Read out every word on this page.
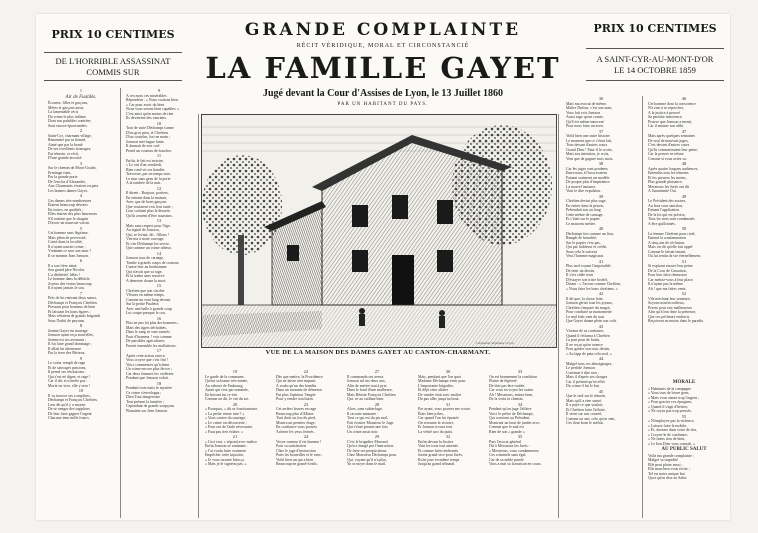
PRIX 10 CENTIMES	PRIX 10 CENTIMES
DE L'HORRIBLE ASSASSINAT
COMMIS SUR
A SAINT-CYR-AU-MONT-D'OR
LE 14 OCTOBRE 1859
GRANDE COMPLAINTE
RÉCIT VÉRIDIQUE, MORAL ET CIRCONSTANCIÉ
LA FAMILLE GAYET
Jugé devant la Cour d'Assises de Lyon, le 13 Juillet 1860
PAR UN HABITANT DU PAYS.
1
Air de Fualdès.
Écoutez, filles et garçons,
Mères et garçons aussi,
La lamentable récit
Du crime le plus infâme,
Dont nos paisibles contrées
Sont encore épouvantées.
2
Saint-Cyr, charmant village,
Renommé par sa beauté,
Aimé que par la bonté
De ses excellents fromages,
Fut témoin, ce récit,
D'une grande atrocité.
3
Sur le chemin de Mont-Goulet,
Ermitage riant,
Par la grande porte
De l'enclos d'Alexandre,
Aux Charmants vivaient en paix
Les bonnes dames Gayet.
4
Ces dames très-nombreuses
Étaient beaucoup dévotes
En toutes, en qualités ;
Elles étaient des plus heureuses
S'il avaient que le chagrin
D'avoir un mauvais voisin.
5
Cet homme sans légitime,
Mais plein de perversité,
Conté dans la localité,
Il n'ayant narrait crime ;
Vraiment ce sera son nom ?
Il se nomme Jean Jomson.
6
Il a son frère aimé,
Son grand père Nicolas
L'a déshérité, hélas !
Le homme dans la débâcle,
Joyeux des vertus beaucoup
Il n'ayant jamais le sou.
7
Près de lui rentrant deux sœurs,
Déchampt et François Chrétien,
Pressant pour honneur de bien
Et laissant les bons égares ;
Mais n'étaient de grands brigands
Sous l'habit de paysans.
8
Jeanne Gayet est mariage
Jomson ayant reçu nouvelles,
Jeanne est ses avenants ;
Il fut faire grand dommage ;
Il allait lui alternance
Par la terre des Bérieux.
9
Le coeur rempli de rage
Et de sauvages passions,
Il prend ses résolutions :
Qui s'est né digne, et rage !
Car il dit, et n'arrête pas :
Morte ou vive, elle y sera !
10
Il va trouver ses complices,
Déchampt et François Chrétien,
Leur dit qu'il y a moyen
De se venger des supplices
De leur faire gagner l'argent
Chacune tenu mille francs.
9
A ces mots ces misérables
Répondent : « Nous voulons bien
« Car pour avoir du bien
Nous vous serons bien capables. »
C'est ainsi qu'en moins de rien
Ils devinrent des vauriens.
10
Tout de suite Déchampt s'arme
D'un gros pieu, et Chrétien
D'un coutelas, fort en main ;
Jomson met bague lame,
Il donnait de son coté
Prend un couteau de boucher.
11
Enfin, le fait est notoire,
« Le ont d'un vendredi,
Bien rond vit ses bandits
Traverser, par un temps noir,
Le mur sans gens de la porte
A la tombée de la nuit.
12
Il dirent : Bonjour, portiers,
En entrant dans la maison,
Avec que de bons garçons
Que vouiaient voir leur tante ;
Leur cachant plus le dessein
Qu'ils avaient d'être assassins.
13
Mais sans respect pour l'âge,
Au signal de Jomson,
Qui, se levant, dit : Allons !
Vite ma à notre ouvrage,
Et s'en Déchampt les servie,
Que comme un crime odieux.
14
Jomson tous de carnage,
Tombe à grands coups de couteau
Contre leur au bonhomme
Qui n'avait que sa rage,
Et la traîne sans resserve
A demeure douze la mort.
15
Chrétien que son s'arrête
Vêtures en même temps,
Comme un vent long devant,
Sur la petite Paulette,
Avec une balle à grande coup
Lui coupe presque le cou.
16
Plus ne pus loi plus des hommes ;
Mais des tigres déchaînés,
Dans le sang se sont vautrés.
Pour d'honneur ! voir comme
De paisibles agricultures
Furent ensemble les malfaiteurs.
17
Après cette action atroce,
Vous croyez que c'est fini !
Voici commencer qu'à demi
Un crime encore plus féroce ;
Car deux femmes les violèrent
Pendant que Jomson volait.
18
Pendant trois nuits le mystère
Ce crime s'enveloppa ;
Dieu Tout dangereuse
Tout présent la lumière ;
Cependant de grands soupçons
Planaient sur Jean Jomson.
19
Le garde de la commune,
Qu'eut sa bonne très-aimée,
Au cabaret de Faubourg,
Ayant qui s'est par nommée,
En buvant fut ce très
Comme on dit, le vin du sot.
20
« Pourquoi, » dit se fonctionnaire,
« La petite venue tant ? »
« Vous contez du sauvage,
« Le crime on découverte ;
« Pour ont de l'aide nécessaire,
« Faut pas rien éclater. »
21
« Cest vrai, » répond avec malice
Enfin Jomson se ranimant :
« J'ai voulu faire vraiment
Empêcher cette injustice,
« Je vous raconte bien ça
« Mais je le signerai pas. »
22
Dès que mettre, la Providence
Qui ne laisse rien impuni,
A voulu qu'un des bandits
Dans un moment de démence
Fut plus l'opinion Vengée
Pour y rendre son butin.
23
Cet arrêtes braves en rage
Beaucoup plus d'Albion
Tout droit on fou du pied,
Montra un premier étage,
En confiance vous pouvez
Acheter les yeux fermés.
24
Voyez comme il est homme !
Pour sa satisfaction
Chez le juge d'instruction
Paris les bouteilles et le vain ;
Voilà bien un qui a bien
Beaucoup ne grand-fortifs.
27
Il commanda ses aveux
Jomson nil ses deux aux,
Afin de mettre tout à prix
Dans le fond d'une malheure,
Mais Bériste François Chrétien
Qui, ce au vaillant bien.
28
Alors, sans subterfuge,
Il raconte annuaire :
Tout ce qui est du pis mal,
Fait écouter Monsieur le Juge,
Qui s'était promis une fois
Un crime aussi noir.
29
C'est le brigadier Maroncé
Qu'est chargé par l'instruction
De faire ses perquisitions
Chez Monsieur Déchampt pour,
Qui, voyant qu'il n'a plus,
Ya se noyer dans le mail.
30
Mais, pendant que l'on quoi
Madame Déchampt venir pour
L'importante brigadier,
Et déjà cette affaire
De vendre était avec malice
Du pas aller jusqu'au bout.
31
Par ayant, vous pouvez me croire,
Étais bien jolies,
Car quand l'un fut épuisée
On retourne la victoire,
Et Jomson trouva tout
La vérité sort du puits.
32
Enfin devant la Justice
Vaut les trois tout amenés
Et comme bien renfermés
Jurent grand vice pour Jurés,
Ils'en joue en même temps
Jusqu'au grand tribunal.
33
On est bonnement la condition
Plaine de légèreté
De doit pas être traitée,
Car vous en voyez les suites.
Ah ! Messieurs, mieux bien,
De la vertu la chemin.
34
Pendant qu'on juge l'affaire
Voici le prêtre de Déchampt,
Qui convient au Président,
Montrant un bout de jambe avec,
Comme que le mal est
Rien de son « grande »
35
Puis l'avocat général
Dit à Messieurs les Jurés :
« Messieurs, vous condamnerez
Ces criminels sans égal,
Car de sa noble parole
Vous a nuit sa la maison en cours.
36
Mais ma avocat de même,
Maître Dufour, c'est son nom,
Vous fait voir Jomson
Aussi sage qu'un comte,
Qu'il est même innocent
Pour nous faire un aveu.
37
Voilà bien une autre histoire
Le moment que ce c'était fait,
Tous devant d'autres cours
Grand Dieu ! Faut-il le croire,
Mais son intention, je crois,
Veut que de gagner trois mois.
38
Car les juges sont prudents
Entre nous à l'insu avaient
Faisant vraiment un modèle
De propre plus d'impatience
La nouvel instance
Vont le dire expulsion.
39
Chrétien devint plus sage,
En entrer dans la prison,
Prétendait son au long
Cette même de carnage,
Et c'était sur le papier
Le mauvais métier.
40
Déchampt fort comme un lion,
Rempli de brutalité,
Sur le papier c'est pas,
Qui par faiblesse et crédit,
Sous cela le suivent
Veut l'homme magistrat.
41
Plus tard voyant l'impossible
De tenir un destin,
Il s'est cidée tenir
D'essayer son triste bordel,
Disant : « J'avons comme Chrétien,
« Nous faire les bons chrétiens. »
42
Il dit que, la chose faite,
Jomson gérait tous les joyaux,
Chrétien s'empare du magot,
Pour conduire sa marionnette
Le mal était vain du tout
Que Gayet donne plein son coût.
43
Victime de sa confiance,
Quand il réclama à Chrétien
La part pour de butin,
Il ne reçut qu'en avance
Pour garder son tour, destin,
« Au lapp de pain cela seul. »
44
Malgré tous ces témoignages,
Le perfide Jomson
Continue à dire non ;
Mais il d'après ses charges
Car il prétend qu'en effet
Du crime il fut le but.
45
Que le seul sur le témoin,
Mais qu'il a rien sauvé,
Il a payé ce que vouloir,
Et Chrétien faire l'affaire,
Il vient sur son conseil,
Comme on sait, cela qu'on sent,
Ces dont bons le méfait.
46
Cet homme dont la conscience
N'a rien à se reprocher,
A la justice à prouvé
Sa parfaite innocence,
Prouve que Jomson a menti,
Car il monter son alibi.
47
Mais après quelques semaines
De seul de mauvais juges,
C'est devant d'autres cours
Qu'ils commettraient leur peine,
Car la preuve se refuse
Comme si vous aviez su.
48
Après quatre longues audiences,
Entendus tous les témoins
Et les preuves les moins,
Plus grande plaisance,
Messieurs les Jurés ont dit
A l'unanimité Oui.
49
Le Président des assises,
Au bras sous sanction,
Faisant l'application
De la loi qui est précise,
Tous les trois sont condamnés
A être guillotinés.
50
La femme Chrétien pour rival,
Entend la condamnation
A cinq ans de réclusion.
Mais on dit qu'elle fait appel
Comme le faisait tenant,
Ou lui rendu da vie éternellement.
51
Si expirant encore leur peine
De la Cour de Cassation,
Pour leur faire rémission
Car mettez-vous à leur place,
Il n'ayant pas la même
Ah ! que me faites venir.
52
Vile méchant leur sentence,
Soyons miséricordieux,
Prions pour eux malheureux
Afin qu'à leur âme la présence,
Que ces pécheurs endurcis
Reçoivent au moins dans le paradis.
MORALE
« Habitants de la campagne
« Vous tous de brave gens,
« Mais vous aimez trop l'argent ;
« Pour gracier vos épargnes,
« Quand il s'agit d'hériter,
« Ne soyez pas trop pressés.
55
« N'employez pas la violence,
« Laissez faire le mobile,
« Et, dormez dans votre de dos,
« Croyez-le de confiance,
« Ne faites rien de bien,
« Le bon Dieu vous connaît. »
AU PUBLIC SALUT
Voilà ma grande complainte ;
Malgré sa stupidité
Elle peut plaire aussi ;
Elle marchera vous écrier ;
Tel est notre unique but
Quoi qu'on dise au Salut.
Charpentier, Imprimeur à Lyon.
VUE DE LA MAISON DES DAMES GAYET AU CANTON-CHARMANT.
